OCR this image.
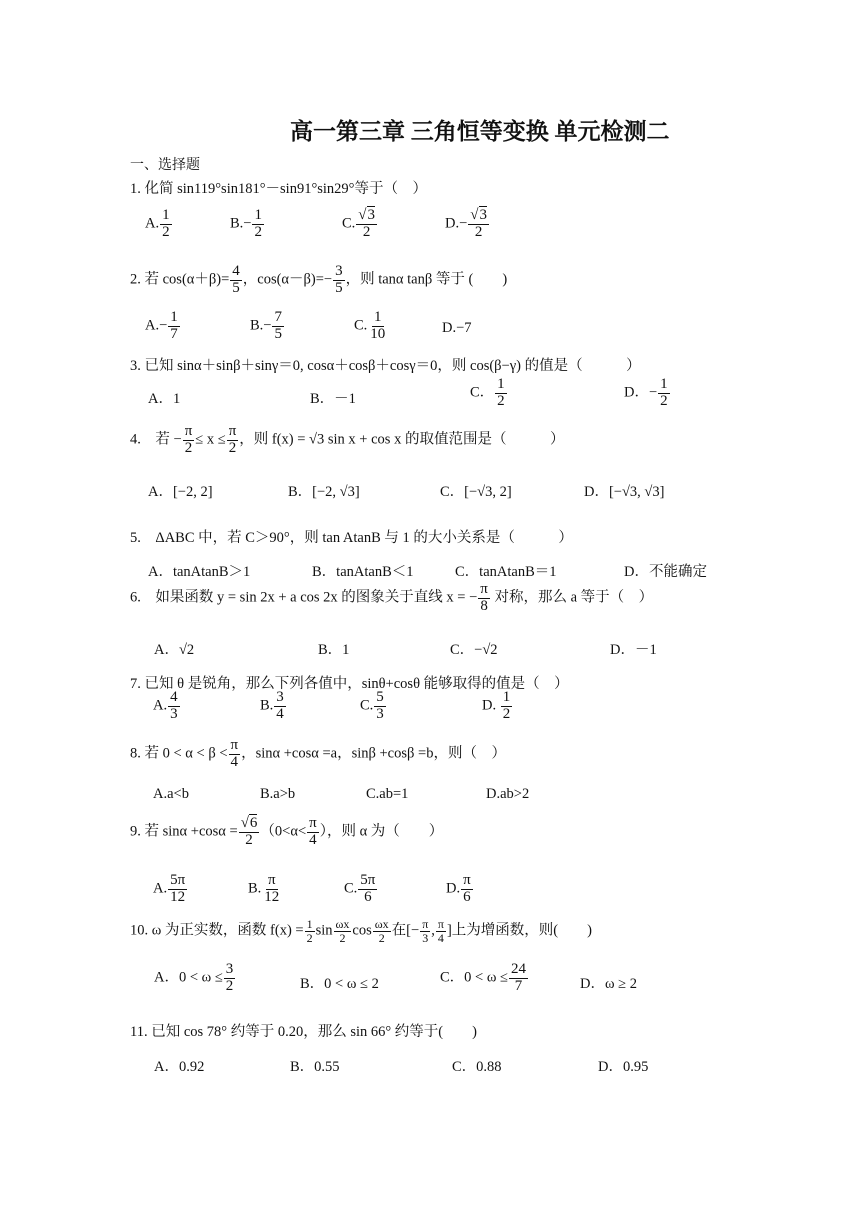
高一第三章 三角恒等变换 单元检测二
一、选择题
1. 化简 sin119°sin181°－sin91°sin29°等于（　）
A. $\frac{1}{2}$	$B.- \frac{1}{2}$	C. $\frac{√3}{2}$	$D.- \frac{√3}{2}$
2. 若 $\cos(\alpha+\beta)= \frac{4}{5}$ ，$\cos(\alpha-\beta)=- \frac{3}{5}$ ，则 tanα tanβ 等于 (　　)
$A.- \frac{1}{7}$	$B.- \frac{7}{5}$	C. $\frac{1}{10}$	D.−7
3. 已知 sinα＋sinβ＋sinγ＝0, cosα＋cosβ＋cosγ＝0，则 cos(β−γ) 的值是（　　　）
A．1	B．－1	C． $\frac{1}{2}$	D．− $\frac{1}{2}$
4.　若 − $\frac{\pi}{2} \le x \le \frac{\pi}{2}$ ，则 f(x) = √3 sin x + cos x 的取值范围是（　　　）
A．[−2, 2]	B．[−2, √3]	C．[−√3, 2]	D．[−√3, √3]
5.　ΔABC 中，若 C＞90°，则 tan AtanB 与 1 的大小关系是（　　　）
A．tanAtanB＞1	B．tanAtanB＜1	C．tanAtanB＝1	D．不能确定
6.　如果函数 y = sin 2x + a cos 2x 的图象关于直线 x = − $\frac{\pi}{8}$ 对称，那么 a 等于（　）
A．√2	B．1	C．−√2	D．－1
7. 已知 θ 是锐角，那么下列各值中，sinθ+cosθ 能够取得的值是（　）
A. $\frac{4}{3}$	B. $\frac{3}{4}$	C. $\frac{5}{3}$	D. $\frac{1}{2}$
8. 若 $0 < \alpha < \beta < \frac{\pi}{4}$ ，sinα +cosα =a，sinβ +cosβ =b，则（　）
A.a<b	B.a>b	C.ab=1	D.ab>2
9. 若 $\sin\alpha +\cos\alpha = \frac{√6}{2} (0<\alpha< \frac{\pi}{4}$ ），则 α 为（　　）
A. $\frac{5\pi}{12}$	B. $\frac{\pi}{12}$	C. $\frac{5\pi}{6}$	D. $\frac{\pi}{6}$
10. ω 为正实数，函数 $f(x) = \frac{1}{2}$ $\sin \frac{\omega x}{2}$ $\cos \frac{\omega x}{2}$ 在[− $\frac{\pi}{3}$ , $\frac{\pi}{4}$ ]上为增函数，则(　　)
A．$0 < \omega \le \frac{3}{2}$	B．0 < ω ≤ 2	C．$0 < \omega \le \frac{24}{7}$	D．ω ≥ 2
11. 已知 cos 78° 约等于 0.20，那么 sin 66° 约等于(　　)
A．0.92	B．0.55	C．0.88	D．0.95
